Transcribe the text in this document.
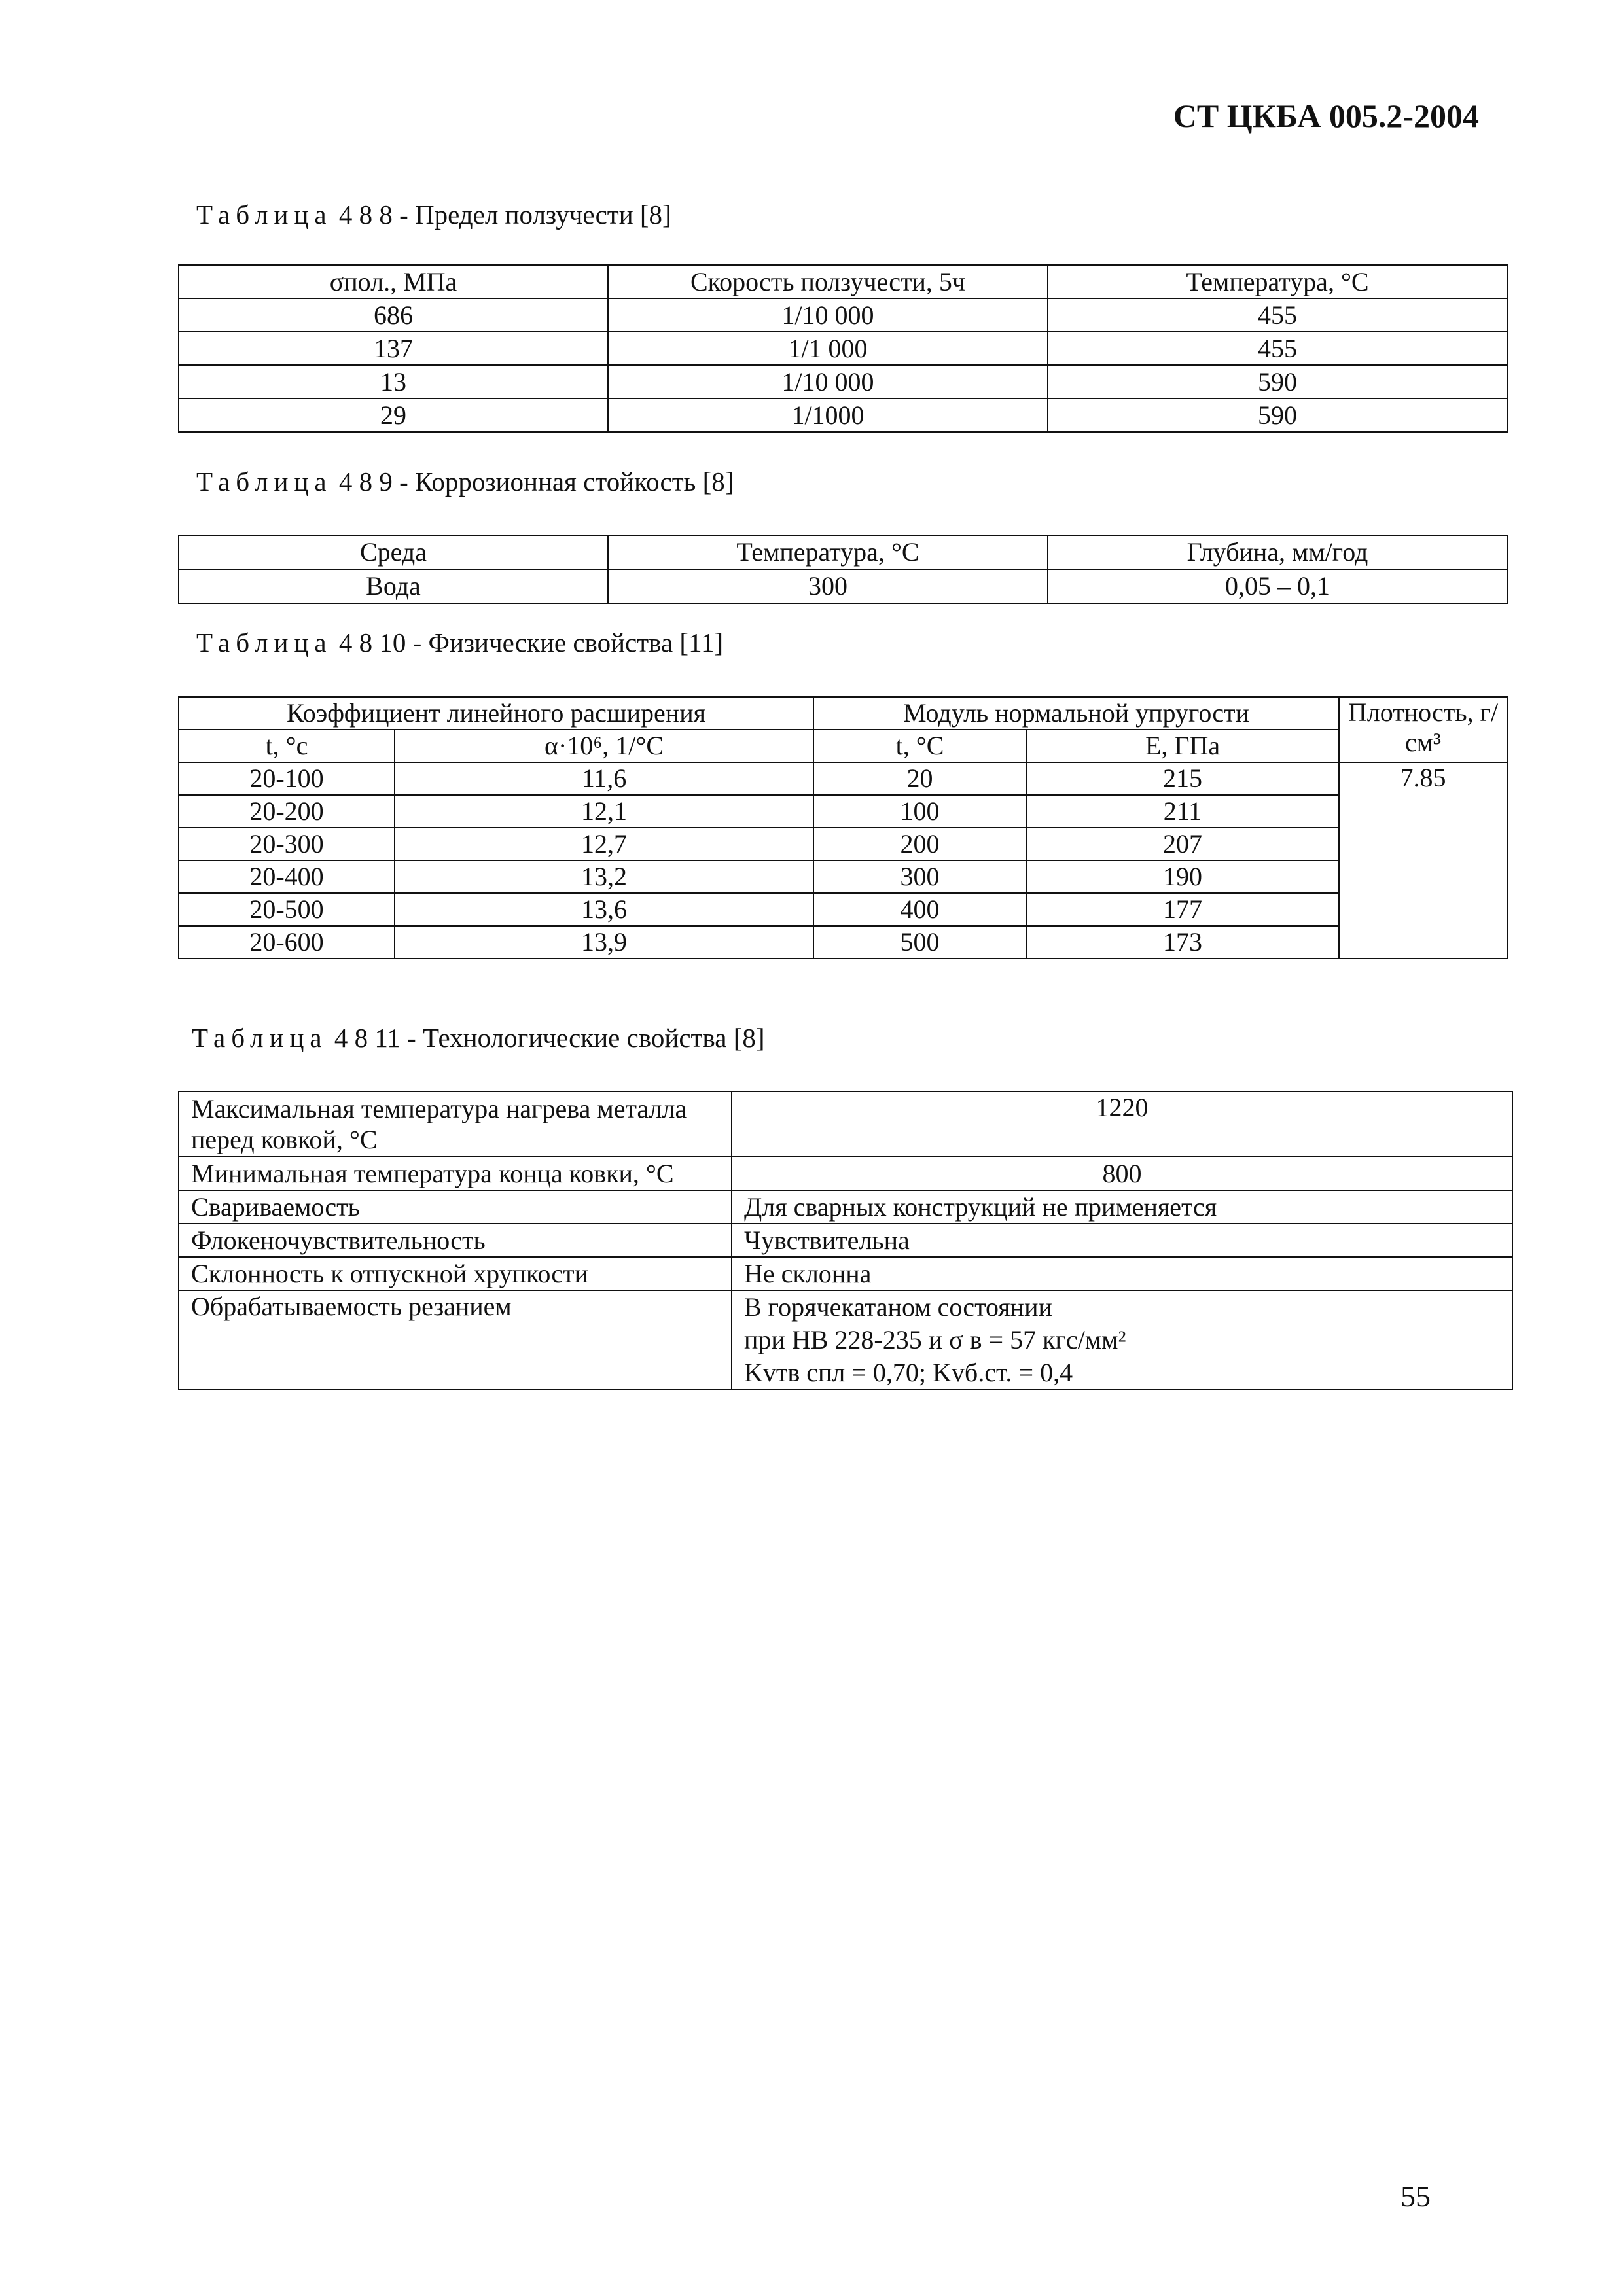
СТ ЦКБА 005.2-2004
Таблица 4 8 8 - Предел ползучести [8]
σпол., МПа	Скорость ползучести, 5ч	Температура, °С
686	1/10 000	455
137	1/1 000	455
13	1/10 000	590
29	1/1000	590
Таблица 4 8 9 - Коррозионная стойкость [8]
Среда	Температура, °С	Глубина, мм/год
Вода	300	0,05 – 0,1
Таблица 4 8 10 - Физические свойства [11]
Коэффициент линейного расширения		Модуль нормальной упругости		Плотность, г/см³
t, °с	α·10⁶, 1/°С	t, °С	E, ГПа	
20-100	11,6	20	215	7.85
20-200	12,1	100	211	
20-300	12,7	200	207	
20-400	13,2	300	190	
20-500	13,6	400	177	
20-600	13,9	500	173	
Таблица 4 8 11 - Технологические свойства [8]
Максимальная температура нагрева металла перед ковкой, °С	1220
Минимальная температура конца ковки, °С	800
Свариваемость	Для сварных конструкций не применяется
Флокеночувствительность	Чувствительна
Склонность к отпускной хрупкости	Не склонна
Обрабатываемость резанием	В горячекатаном состоянии
при НВ 228-235 и σ в = 57 кгс/мм²
Kvтв спл = 0,70; Kvб.ст. = 0,4
55
